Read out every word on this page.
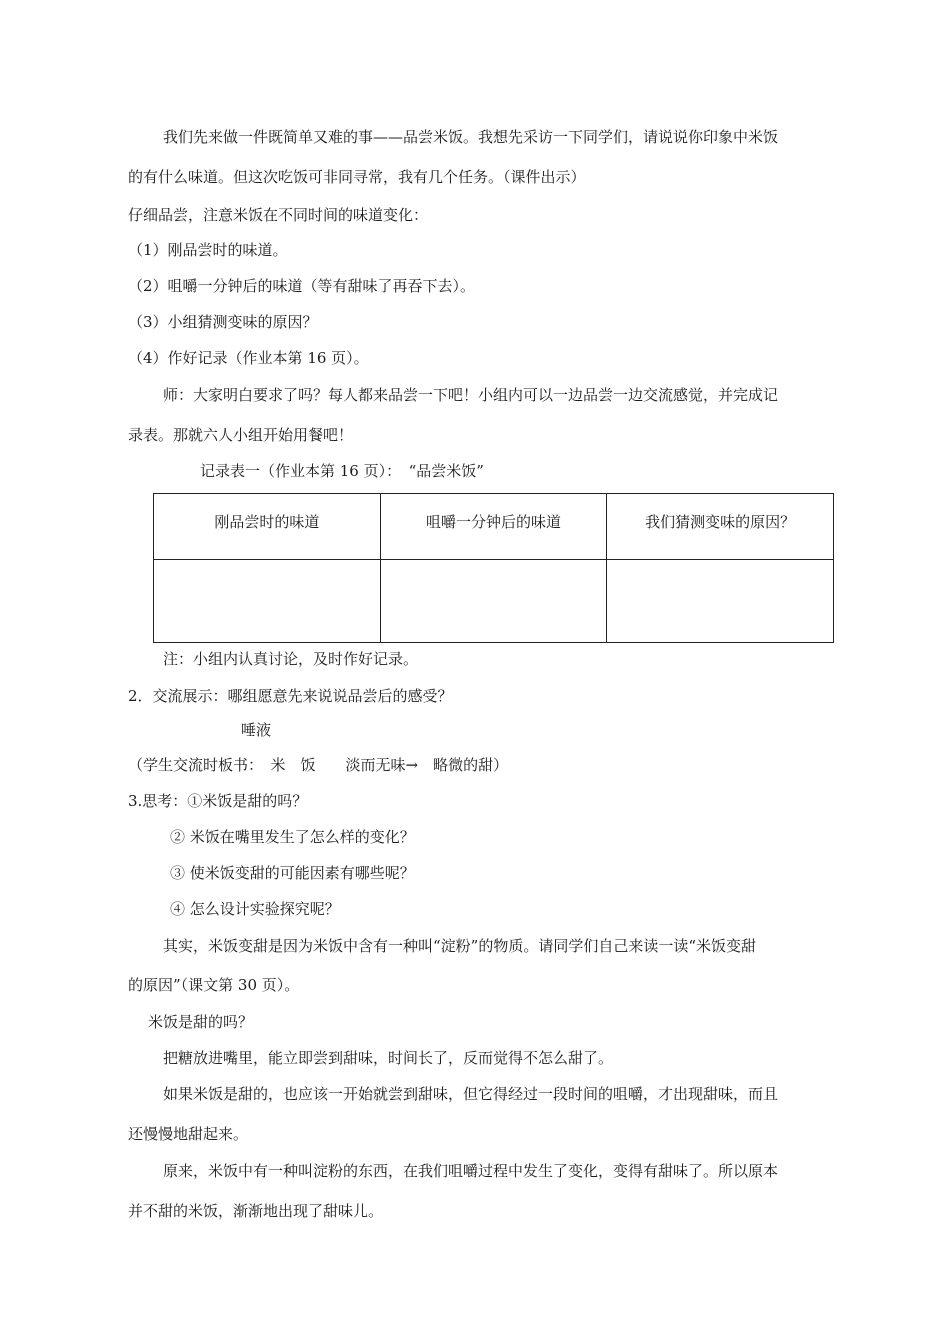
我们先来做一件既简单又难的事——品尝米饭。我想先采访一下同学们，请说说你印象中米饭
的有什么味道。但这次吃饭可非同寻常，我有几个任务。（课件出示）
仔细品尝，注意米饭在不同时间的味道变化：
（1）刚品尝时的味道。
（2）咀嚼一分钟后的味道（等有甜味了再吞下去）。
（3）小组猜测变味的原因？
（4）作好记录（作业本第 16 页）。
师：大家明白要求了吗？每人都来品尝一下吧！小组内可以一边品尝一边交流感觉，并完成记
录表。那就六人小组开始用餐吧！
记录表一（作业本第 16 页）：　“品尝米饭”
刚品尝时的味道	咀嚼一分钟后的味道	我们猜测变味的原因？

注：小组内认真讨论，及时作好记录。
2．交流展示：哪组愿意先来说说品尝后的感受？
唾液
（学生交流时板书：　米　饭　　淡而无味→　略微的甜）
3.思考：①米饭是甜的吗？
② 米饭在嘴里发生了怎么样的变化？
③ 使米饭变甜的可能因素有哪些呢？
④ 怎么设计实验探究呢？
其实，米饭变甜是因为米饭中含有一种叫“淀粉”的物质。请同学们自己来读一读“米饭变甜
的原因”（课文第 30 页）。
米饭是甜的吗？
把糖放进嘴里，能立即尝到甜味，时间长了，反而觉得不怎么甜了。
如果米饭是甜的，也应该一开始就尝到甜味，但它得经过一段时间的咀嚼，才出现甜味，而且
还慢慢地甜起来。
原来，米饭中有一种叫淀粉的东西，在我们咀嚼过程中发生了变化，变得有甜味了。所以原本
并不甜的米饭，渐渐地出现了甜味儿。
